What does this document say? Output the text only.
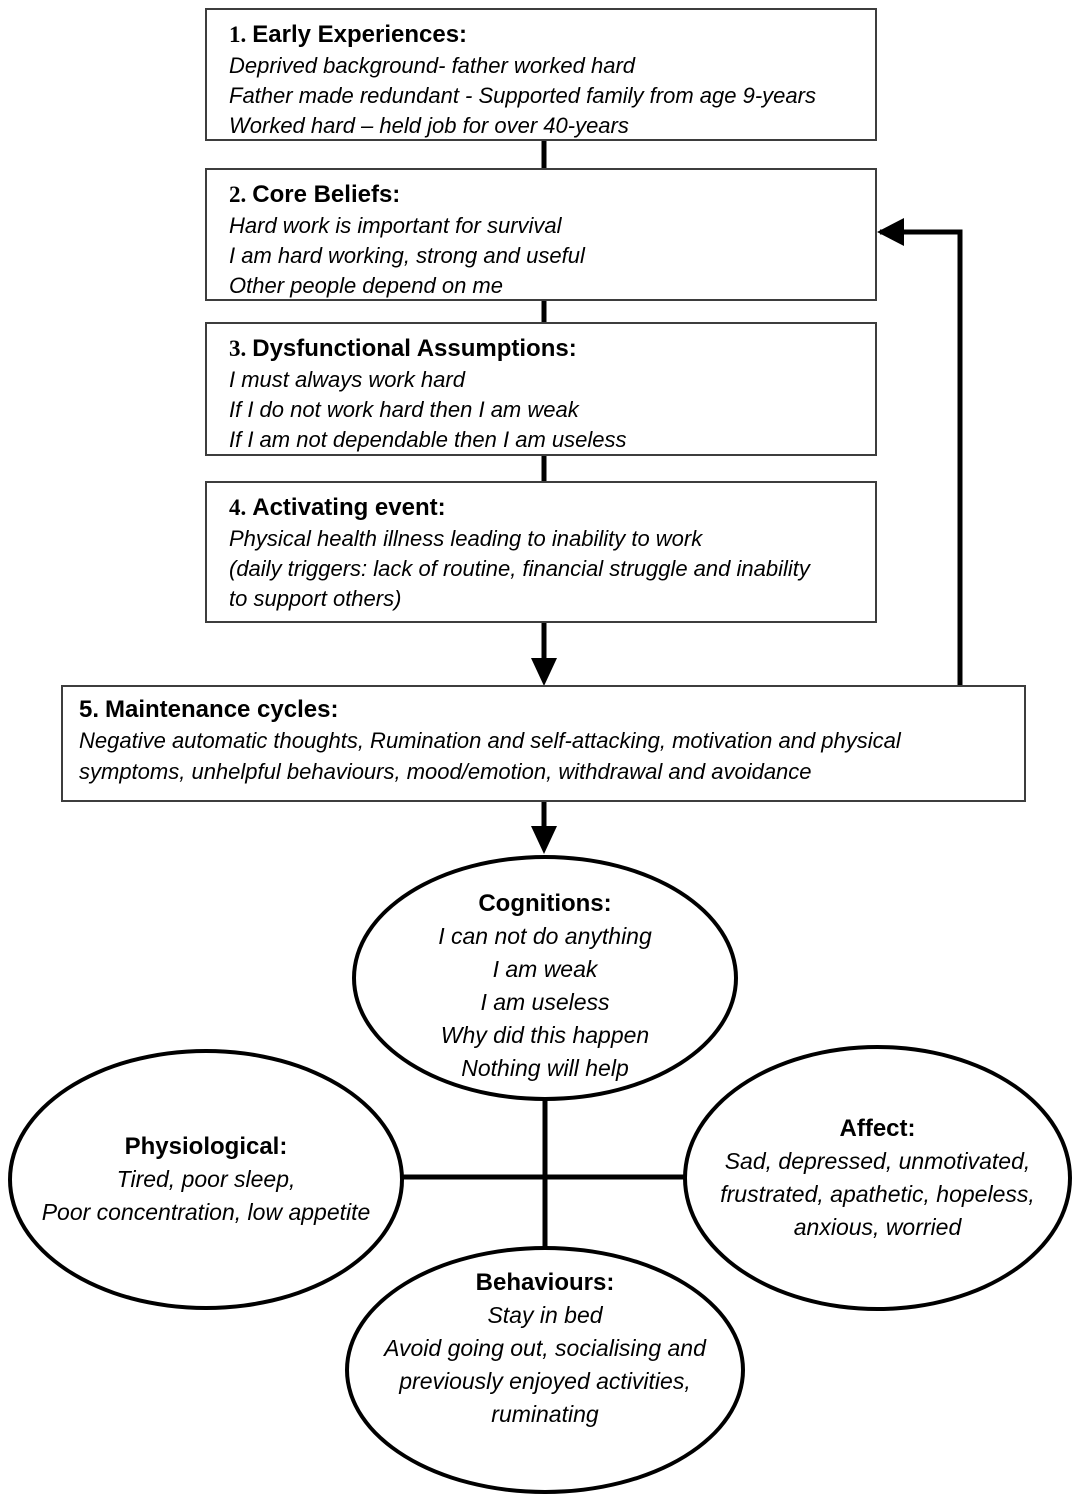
1. Early Experiences:
Deprived background- father worked hard
Father made redundant - Supported family from age 9-years
Worked hard – held job for over 40-years
2. Core Beliefs:
Hard work is important for survival
I am hard working, strong and useful
Other people depend on me
3. Dysfunctional Assumptions:
I must always work hard
If I do not work hard then I am weak
If I am not dependable then I am useless
4. Activating event:
Physical health illness leading to inability to work
(daily triggers: lack of routine, financial struggle and inability
to support others)
5. Maintenance cycles:
Negative automatic thoughts, Rumination and self-attacking, motivation and physical
symptoms, unhelpful behaviours, mood/emotion, withdrawal and avoidance
Cognitions:
I can not do anything
I am weak
I am useless
Why did this happen
Nothing will help
Physiological:
Tired, poor sleep,
Poor concentration, low appetite
Affect:
Sad, depressed, unmotivated,
frustrated, apathetic, hopeless,
anxious, worried
Behaviours:
Stay in bed
Avoid going out, socialising and
previously enjoyed activities,
ruminating
